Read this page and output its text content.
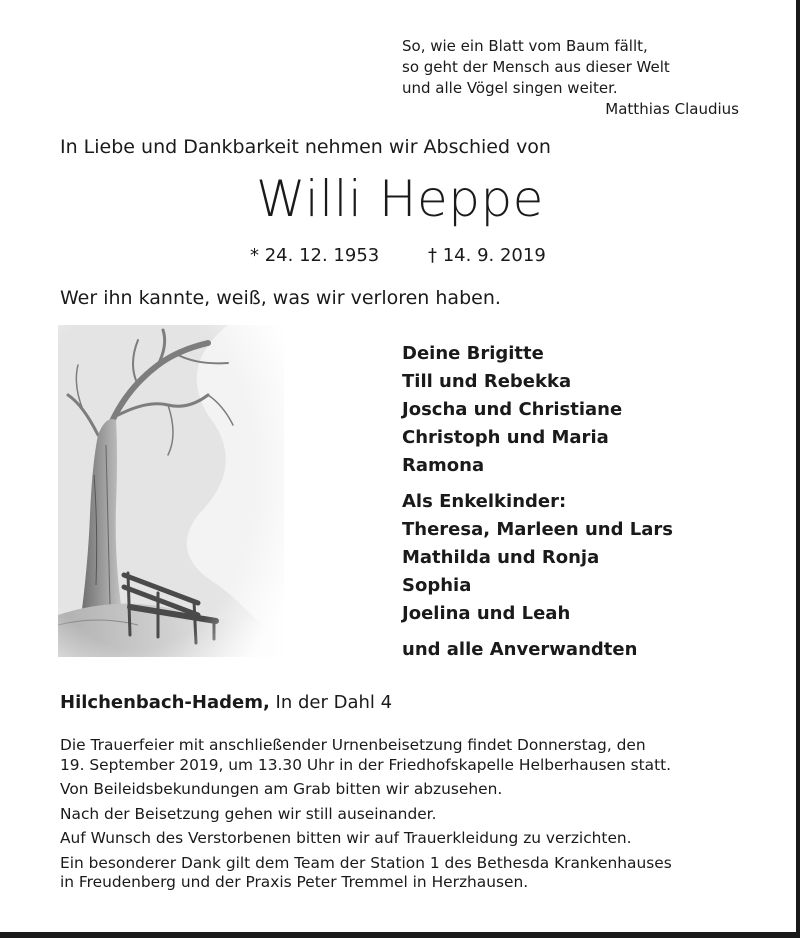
So, wie ein Blatt vom Baum fällt,
so geht der Mensch aus dieser Welt
und alle Vögel singen weiter.
Matthias Claudius
In Liebe und Dankbarkeit nehmen wir Abschied von
Willi Heppe
* 24. 12. 1953	† 14. 9. 2019
Wer ihn kannte, weiß, was wir verloren haben.
Deine Brigitte
Till und Rebekka
Joscha und Christiane
Christoph und Maria
Ramona
Als Enkelkinder:
Theresa, Marleen und Lars
Mathilda und Ronja
Sophia
Joelina und Leah
und alle Anverwandten
Hilchenbach-Hadem, In der Dahl 4

Die Trauerfeier mit anschließender Urnenbeisetzung findet Donnerstag, den
19. September 2019, um 13.30 Uhr in der Friedhofskapelle Helberhausen statt.

Von Beileidsbekundungen am Grab bitten wir abzusehen.

Nach der Beisetzung gehen wir still auseinander.

Auf Wunsch des Verstorbenen bitten wir auf Trauerkleidung zu verzichten.

Ein besonderer Dank gilt dem Team der Station 1 des Bethesda Krankenhauses
in Freudenberg und der Praxis Peter Tremmel in Herzhausen.
